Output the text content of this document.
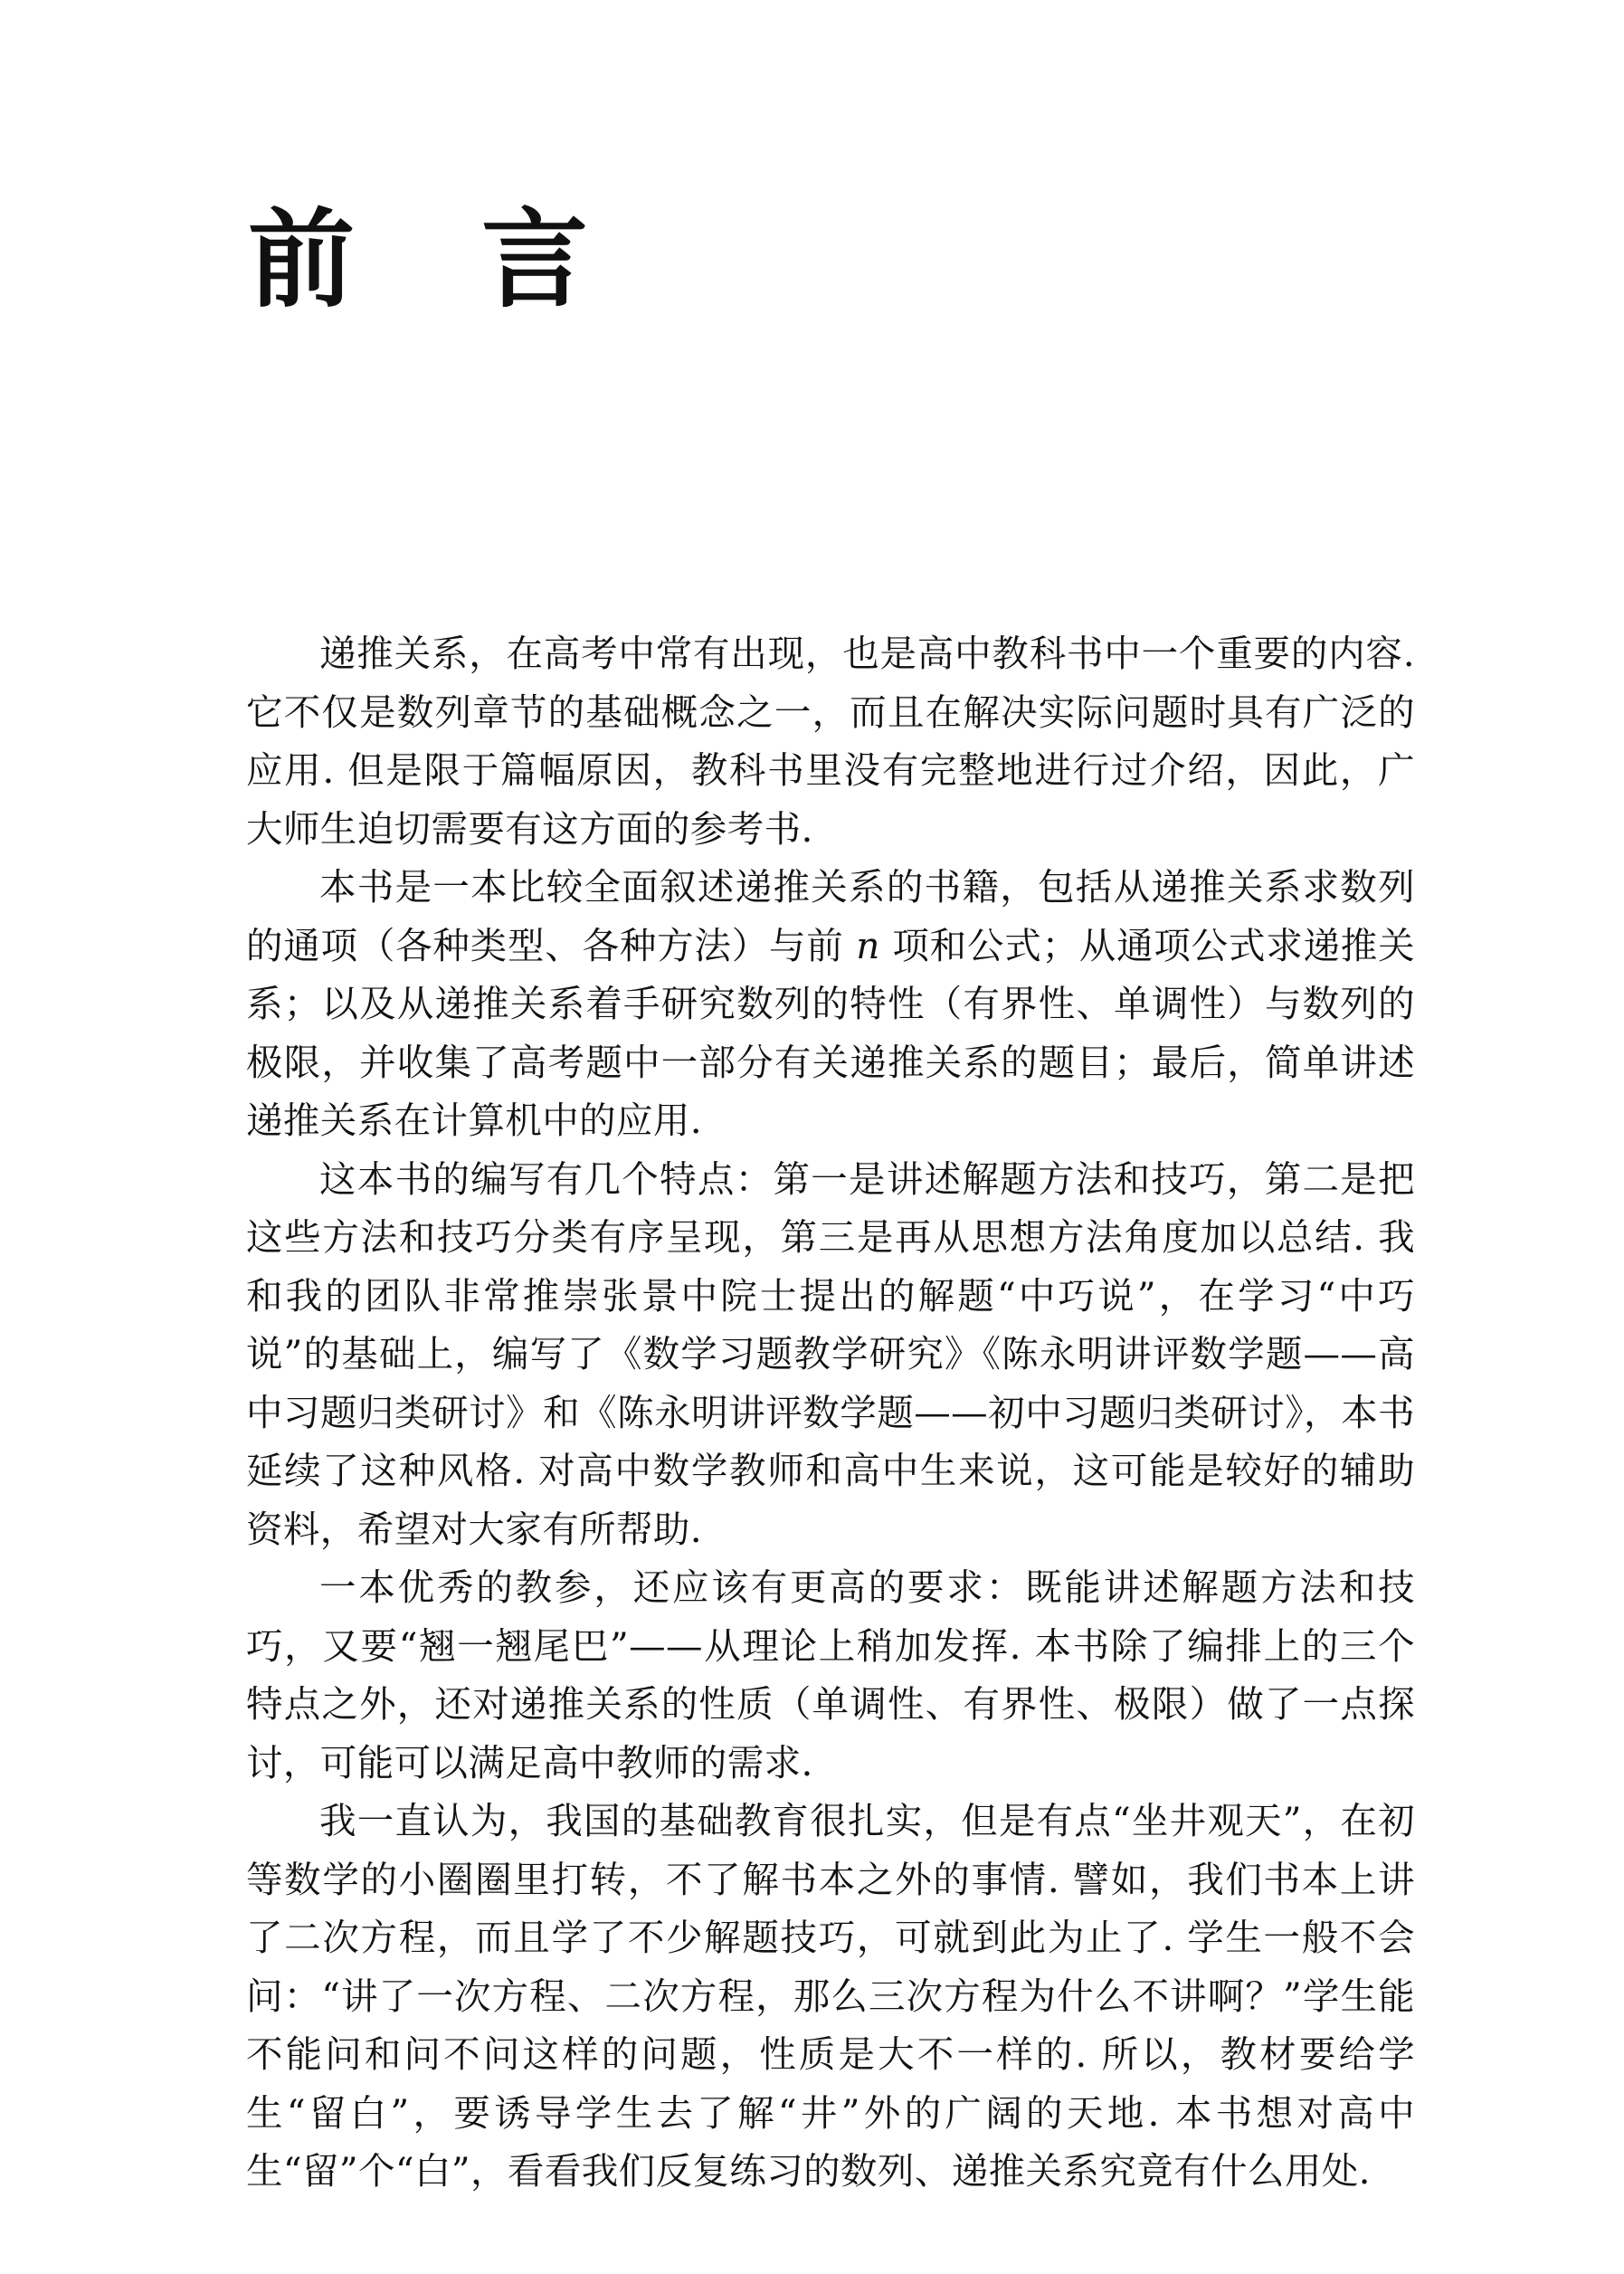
前 言

递推关系，在高考中常有出现，也是高中教科书中一个重要的内容. 它不仅是数列章节的基础概念之一，而且在解决实际问题时具有广泛的应用. 但是限于篇幅原因，教科书里没有完整地进行过介绍，因此，广大师生迫切需要有这方面的参考书.

本书是一本比较全面叙述递推关系的书籍，包括从递推关系求数列的通项（各种类型、各种方法）与前 n 项和公式；从通项公式求递推关系；以及从递推关系着手研究数列的特性（有界性、单调性）与数列的极限，并收集了高考题中一部分有关递推关系的题目；最后，简单讲述递推关系在计算机中的应用.

这本书的编写有几个特点：第一是讲述解题方法和技巧，第二是把这些方法和技巧分类有序呈现，第三是再从思想方法角度加以总结. 我和我的团队非常推崇张景中院士提出的解题“中巧说”，在学习“中巧说”的基础上，编写了《数学习题教学研究》《陈永明讲评数学题——高中习题归类研讨》和《陈永明讲评数学题——初中习题归类研讨》，本书延续了这种风格. 对高中数学教师和高中生来说，这可能是较好的辅助资料，希望对大家有所帮助.

一本优秀的教参，还应该有更高的要求：既能讲述解题方法和技巧，又要“翘一翘尾巴”——从理论上稍加发挥. 本书除了编排上的三个特点之外，还对递推关系的性质（单调性、有界性、极限）做了一点探讨，可能可以满足高中教师的需求.

我一直认为，我国的基础教育很扎实，但是有点“坐井观天”，在初等数学的小圈圈里打转，不了解书本之外的事情. 譬如，我们书本上讲了二次方程，而且学了不少解题技巧，可就到此为止了. 学生一般不会问：“讲了一次方程、二次方程，那么三次方程为什么不讲啊？”学生能不能问和问不问这样的问题，性质是大不一样的. 所以，教材要给学生“留白”，要诱导学生去了解“井”外的广阔的天地. 本书想对高中生“留”个“白”，看看我们反复练习的数列、递推关系究竟有什么用处.
